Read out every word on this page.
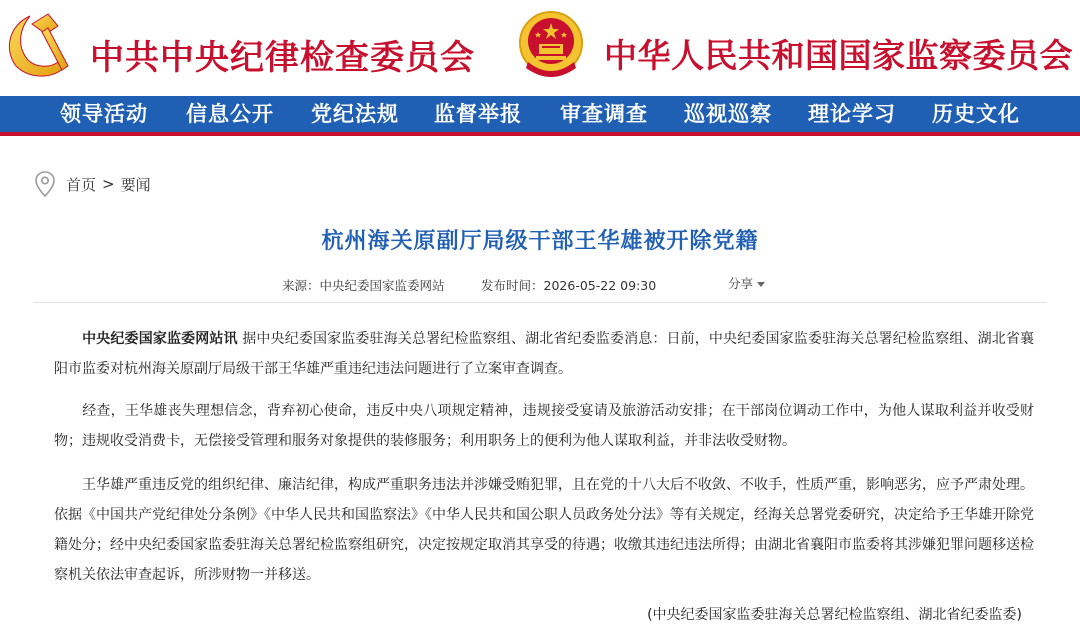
中共中央纪律检查委员会	中华人民共和国国家监察委员会
领导活动 信息公开 党纪法规 监督举报 审查调查 巡视巡察 理论学习 历史文化
首页 > 要闻
杭州海关原副厅局级干部王华雄被开除党籍
来源：中央纪委国家监委网站	发布时间：2026-05-22 09:30	分享

中央纪委国家监委网站讯 据中央纪委国家监委驻海关总署纪检监察组、湖北省纪委监委消息：日前，中央纪委国家监委驻海关总署纪检监察组、湖北省襄阳市监委对杭州海关原副厅局级干部王华雄严重违纪违法问题进行了立案审查调查。

经查，王华雄丧失理想信念，背弃初心使命，违反中央八项规定精神，违规接受宴请及旅游活动安排；在干部岗位调动工作中，为他人谋取利益并收受财物；违规收受消费卡，无偿接受管理和服务对象提供的装修服务；利用职务上的便利为他人谋取利益，并非法收受财物。

王华雄严重违反党的组织纪律、廉洁纪律，构成严重职务违法并涉嫌受贿犯罪，且在党的十八大后不收敛、不收手，性质严重，影响恶劣，应予严肃处理。依据《中国共产党纪律处分条例》《中华人民共和国监察法》《中华人民共和国公职人员政务处分法》等有关规定，经海关总署党委研究，决定给予王华雄开除党籍处分；经中央纪委国家监委驻海关总署纪检监察组研究，决定按规定取消其享受的待遇；收缴其违纪违法所得；由湖北省襄阳市监委将其涉嫌犯罪问题移送检察机关依法审查起诉，所涉财物一并移送。

(中央纪委国家监委驻海关总署纪检监察组、湖北省纪委监委)
